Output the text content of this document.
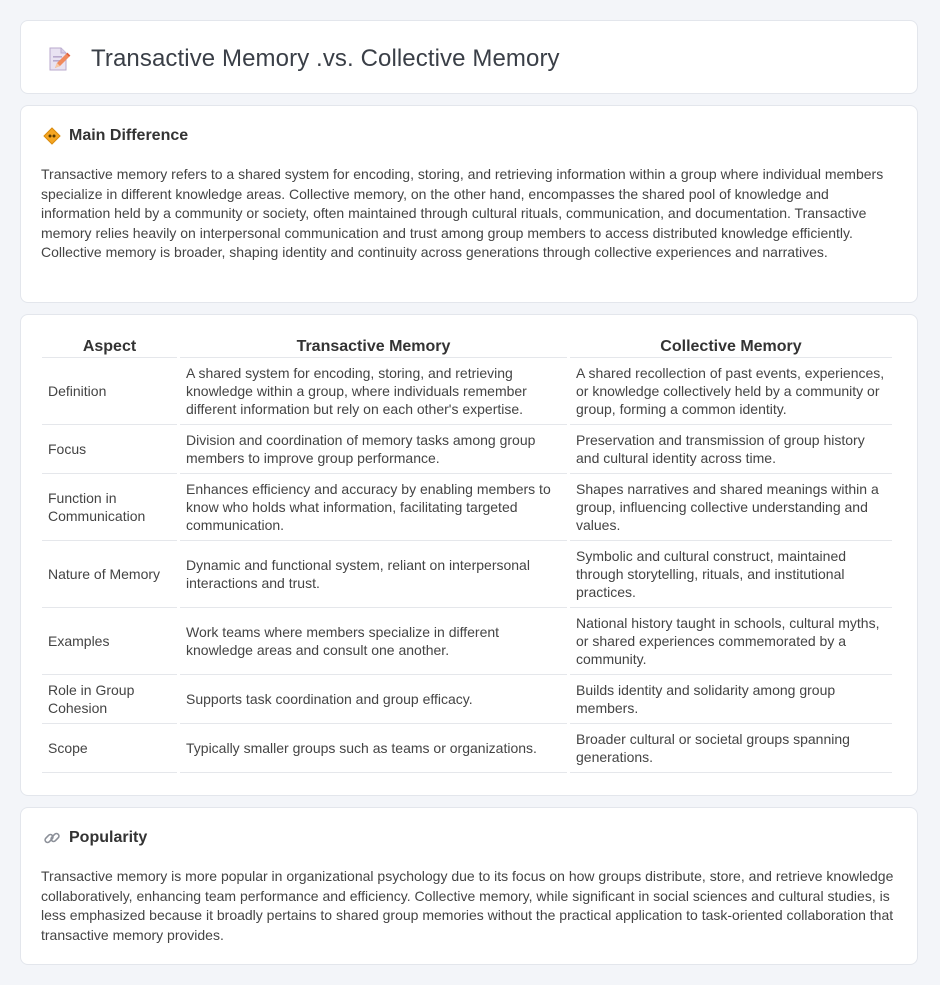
Transactive Memory .vs. Collective Memory
Main Difference

Transactive memory refers to a shared system for encoding, storing, and retrieving information within a group where individual members specialize in different knowledge areas. Collective memory, on the other hand, encompasses the shared pool of knowledge and information held by a community or society, often maintained through cultural rituals, communication, and documentation. Transactive memory relies heavily on interpersonal communication and trust among group members to access distributed knowledge efficiently. Collective memory is broader, shaping identity and continuity across generations through collective experiences and narratives.

Aspect	Transactive Memory	Collective Memory
Definition	A shared system for encoding, storing, and retrieving knowledge within a group, where individuals remember different information but rely on each other's expertise.	A shared recollection of past events, experiences, or knowledge collectively held by a community or group, forming a common identity.
Focus	Division and coordination of memory tasks among group members to improve group performance.	Preservation and transmission of group history and cultural identity across time.
Function in Communication	Enhances efficiency and accuracy by enabling members to know who holds what information, facilitating targeted communication.	Shapes narratives and shared meanings within a group, influencing collective understanding and values.
Nature of Memory	Dynamic and functional system, reliant on interpersonal interactions and trust.	Symbolic and cultural construct, maintained through storytelling, rituals, and institutional practices.
Examples	Work teams where members specialize in different knowledge areas and consult one another.	National history taught in schools, cultural myths, or shared experiences commemorated by a community.
Role in Group Cohesion	Supports task coordination and group efficacy.	Builds identity and solidarity among group members.
Scope	Typically smaller groups such as teams or organizations.	Broader cultural or societal groups spanning generations.
Popularity

Transactive memory is more popular in organizational psychology due to its focus on how groups distribute, store, and retrieve knowledge collaboratively, enhancing team performance and efficiency. Collective memory, while significant in social sciences and cultural studies, is less emphasized because it broadly pertains to shared group memories without the practical application to task-oriented collaboration that transactive memory provides.
